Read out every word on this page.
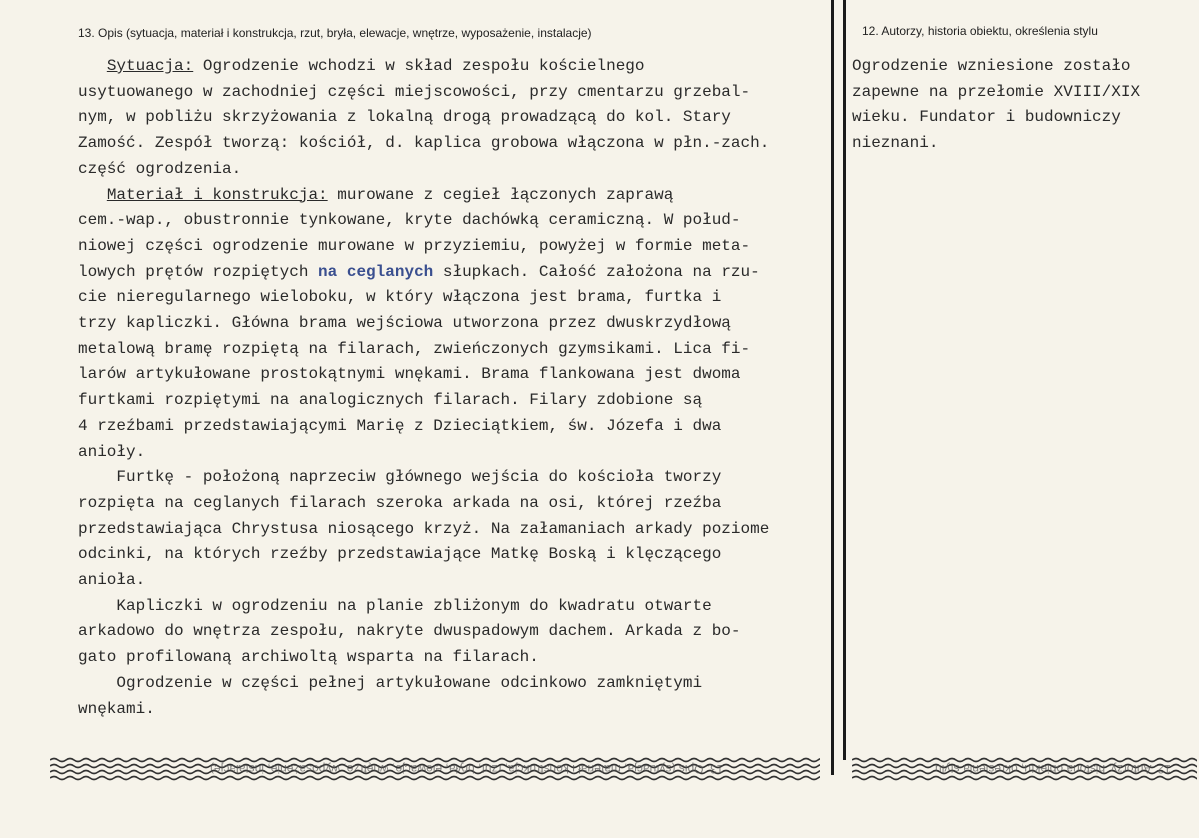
13. Opis (sytuacja, materiał i konstrukcja, rzut, bryła, elewacje, wnętrze, wyposażenie, instalacje)	12. Autorzy, historia obiektu, określenia stylu
Sytuacja: Ogrodzenie wchodzi w skład zespołu kościelnego
usytuowanego w zachodniej części miejscowości, przy cmentarzu grzebal-
nym, w pobliżu skrzyżowania z lokalną drogą prowadzącą do kol. Stary
Zamość. Zespół tworzą: kościół, d. kaplica grobowa włączona w płn.-zach.
część ogrodzenia.
Materiał i konstrukcja: murowane z cegieł łączonych zaprawą
cem.-wap., obustronnie tynkowane, kryte dachówką ceramiczną. W połud-
niowej części ogrodzenie murowane w przyziemiu, powyżej w formie meta-
lowych prętów rozpiętych na ceglanych słupkach. Całość założona na rzu-
cie nieregularnego wieloboku, w który włączona jest brama, furtka i
trzy kapliczki. Główna brama wejściowa utworzona przez dwuskrzydłową
metalową bramę rozpiętą na filarach, zwieńczonych gzymsikami. Lica fi-
larów artykułowane prostokątnymi wnękami. Brama flankowana jest dwoma
furtkami rozpiętymi na analogicznych filarach. Filary zdobione są
4 rzeźbami przedstawiającymi Marię z Dzieciątkiem, św. Józefa i dwa
anioły.
Furtkę - położoną naprzeciw głównego wejścia do kościoła tworzy
rozpięta na ceglanych filarach szeroka arkada na osi, której rzeźba
przedstawiająca Chrystusa niosącego krzyż. Na załamaniach arkady poziome
odcinki, na których rzeźby przedstawiające Matkę Boską i klęczącego
anioła.
Kapliczki w ogrodzeniu na planie zbliżonym do kwadratu otwarte
arkadowo do wnętrza zespołu, nakryte dwuspadowym dachem. Arkada z bo-
gato profilowaną archiwoltą wsparta na filarach.
Ogrodzenie w części pełnej artykułowane odcinkowo zamkniętymi
wnękami.
Ogrodzenie wzniesione zostało
zapewne na przełomie XVIII/XIX
wieku. Fundator i budowniczy
nieznani.
13. Opis (sytuacja, materiał i konstrukcja, rzut, bryła, elewacje, wnętrze, wyposażenie, instalacje)	12. Autorzy, historia obiektu, określenia stylu
